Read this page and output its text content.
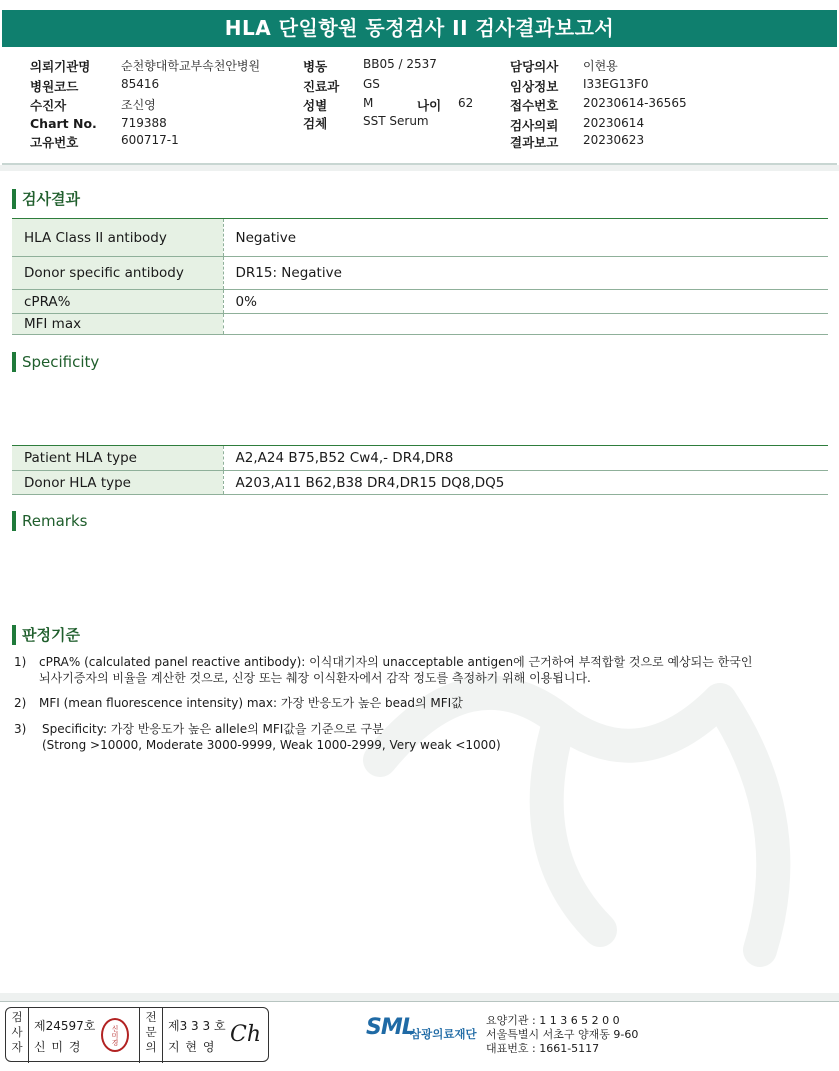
HLA 단일항원 동정검사 II 검사결과보고서
의뢰기관명	순천향대학교부속천안병원
병원코드	85416
수진자	조신영
Chart No. 719388
고유번호	600717-1
병동	BB05 / 2537
진료과 GS
성별	M	나이 62
검체	SST Serum
담당의사 이현용
임상정보 I33EG13F0
접수번호 20230614-36565
검사의뢰 20230614
결과보고 20230623
검사결과
HLA Class II antibody	Negative
Donor specific antibody	DR15: Negative
cPRA%	0%
MFI max	
Specificity
Patient HLA type	A2,A24 B75,B52 Cw4,- DR4,DR8
Donor HLA type	A203,A11 B62,B38 DR4,DR15 DQ8,DQ5
Remarks
판정기준
1) cPRA% (calculated panel reactive antibody): 이식대기자의 unacceptable antigen에 근거하여 부적합할 것으로 예상되는 한국인
뇌사기증자의 비율을 계산한 것으로, 신장 또는 췌장 이식환자에서 감작 정도를 측정하기 위해 이용됩니다.
2) MFI (mean fluorescence intensity) max: 가장 반응도가 높은 bead의 MFI값
3) Specificity: 가장 반응도가 높은 allele의 MFI값을 기준으로 구분
(Strong >10000, Moderate 3000-9999, Weak 1000-2999, Very weak <1000)
검사자
제24597호
신 미 경
신미경
전문의
제3 3 3 호
지 현 영 Ch	SML
삼광의료재단
요양기관 : 1 1 3 6 5 2 0 0
서울특별시 서초구 양재동 9-60
대표번호 : 1661-5117
